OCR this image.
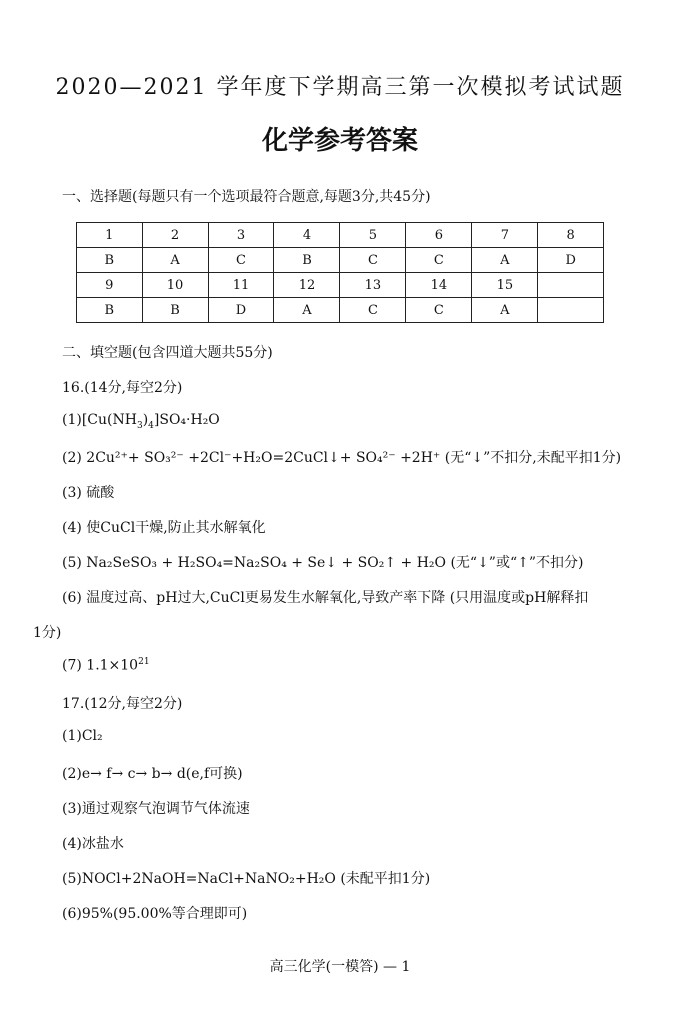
2020—2021 学年度下学期高三第一次模拟考试试题
化学参考答案
一、选择题(每题只有一个选项最符合题意,每题3分,共45分)
1	2	3	4	5	6	7	8
B	A	C	B	C	C	A	D
9	10	11	12	13	14	15	
B	B	D	A	C	C	A	
二、填空题(包含四道大题共55分)
16.(14分,每空2分)
$(1)[Cu(NH_3)_4]SO_4\cdot H_2O$
(2) 2Cu²⁺+ SO₃²⁻ +2Cl⁻+H₂O=2CuCl↓+ SO₄²⁻ +2H⁺ (无“↓”不扣分,未配平扣1分)
(3) 硫酸
(4) 使CuCl干燥,防止其水解氧化
(5) Na₂SeSO₃ + H₂SO₄=Na₂SO₄ + Se↓ + SO₂↑ + H₂O (无“↓”或“↑”不扣分)
(6) 温度过高、pH过大,CuCl更易发生水解氧化,导致产率下降 (只用温度或pH解释扣
1分)
(7) $1.1\times 10^{21}$
17.(12分,每空2分)
(1)Cl₂
(2)e→ f→ c→ b→ d(e,f可换)
(3)通过观察气泡调节气体流速
(4)冰盐水
(5)NOCl+2NaOH=NaCl+NaNO₂+H₂O (未配平扣1分)
(6)95%(95.00%等合理即可)
高三化学(一模答) — 1
